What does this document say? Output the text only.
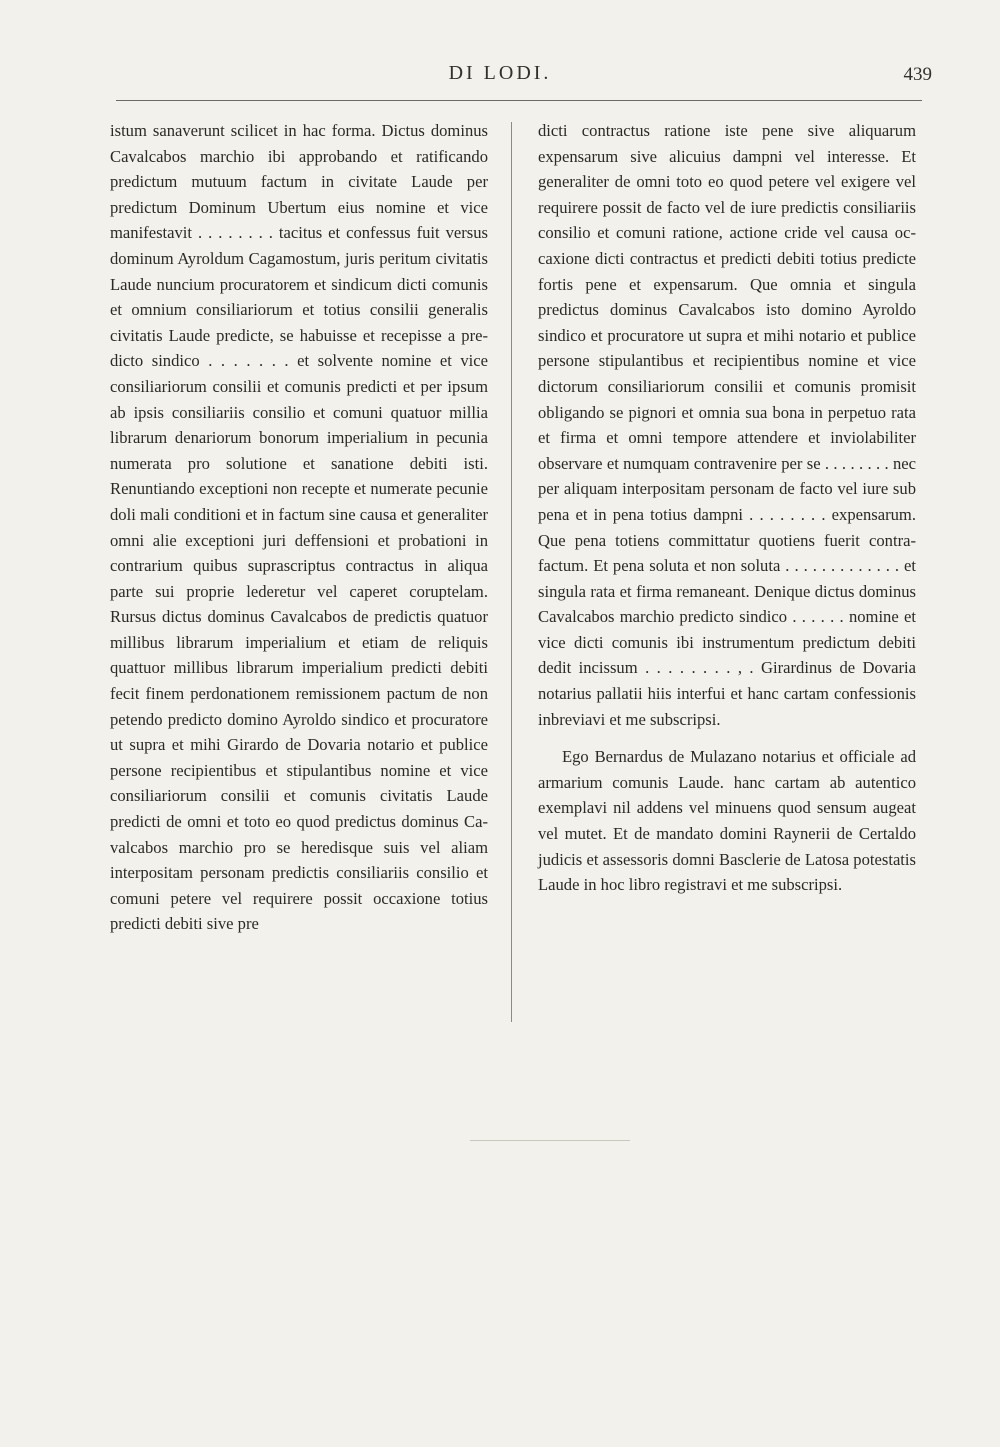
DI LODI.	439

istum sanaverunt scilicet in hac forma. Dictus dominus Cavalcabos marchio ibi approbando et ratificando predictum mutuum factum in civitate Laude per predictum Dominum Ubertum eius nomine et vice manifestavit . . . . . . . . tacitus et confessus fuit versus dominum Ayroldum Cagamostum, juris peritum civitatis Laude nuncium procuratorem et sindicum dicti comunis et omnium consiliariorum et totius consilii generalis civitatis Laude predicte, se habuisse et recepisse a predicto sindico . . . . . . . et solvente nomine et vice consiliariorum consilii et comunis predicti et per ipsum ab ipsis consiliariis consilio et comuni quatuor millia librarum denariorum bonorum imperialium in pecunia numerata pro solutione et sanatione debiti isti. Renuntiando exceptioni non recepte et numerate pecunie doli mali conditioni et in factum sine causa et generaliter omni alie exceptioni juri deffensioni et probationi in contrarium quibus suprascriptus contractus in aliqua parte sui proprie lederetur vel caperet coruptelam. Rursus dictus dominus Cavalcabos de predictis quatuor millibus librarum imperialium et etiam de reliquis quattuor millibus librarum imperialium predicti debiti fecit finem perdonationem remissionem pactum de non petendo predicto domino Ayroldo sindico et procuratore ut supra et mihi Girardo de Dovaria notario et publice persone recipientibus et stipulantibus nomine et vice consiliariorum consilii et comunis civitatis Laude predicti de omni et toto eo quod predictus dominus Cavalcabos marchio pro se heredisque suis vel aliam interpositam personam predictis consiliariis consilio et comuni petere vel requirere possit occaxione totius predicti debiti sive pre

dicti contractus ratione iste pene sive aliquarum expensarum sive alicuius dampni vel interesse. Et generaliter de omni toto eo quod petere vel exigere vel requirere possit de facto vel de iure predictis consiliariis consilio et comuni ratione, actione cride vel causa occaxione dicti contractus et predicti debiti totius predicte fortis pene et expensarum. Que omnia et singula predictus dominus Cavalcabos isto domino Ayroldo sindico et procuratore ut supra et mihi notario et publice persone stipulantibus et recipientibus nomine et vice dictorum consiliariorum consilii et comunis promisit obligando se pignori et omnia sua bona in perpetuo rata et firma et omni tempore attendere et inviolabiliter observare et numquam contravenire per se . . . . . . . . nec per aliquam interpositam personam de facto vel iure sub pena et in pena totius dampni . . . . . . . . expensarum. Que pena totiens committatur quotiens fuerit contrafactum. Et pena soluta et non soluta . . . . . . . . . . . . . et singula rata et firma remaneant. Denique dictus dominus Cavalcabos marchio predicto sindico . . . . . . nomine et vice dicti comunis ibi instrumentum predictum debiti dedit incissum . . . . . . . . , . Girardinus de Dovaria notarius pallatii hiis interfui et hanc cartam confessionis inbreviavi et me subscripsi.

Ego Bernardus de Mulazano notarius et officiale ad armarium comunis Laude. hanc cartam ab autentico exemplavi nil addens vel minuens quod sensum augeat vel mutet. Et de mandato domini Raynerii de Certaldo judicis et assessoris domni Basclerie de Latosa potestatis Laude in hoc libro registravi et me subscripsi.
